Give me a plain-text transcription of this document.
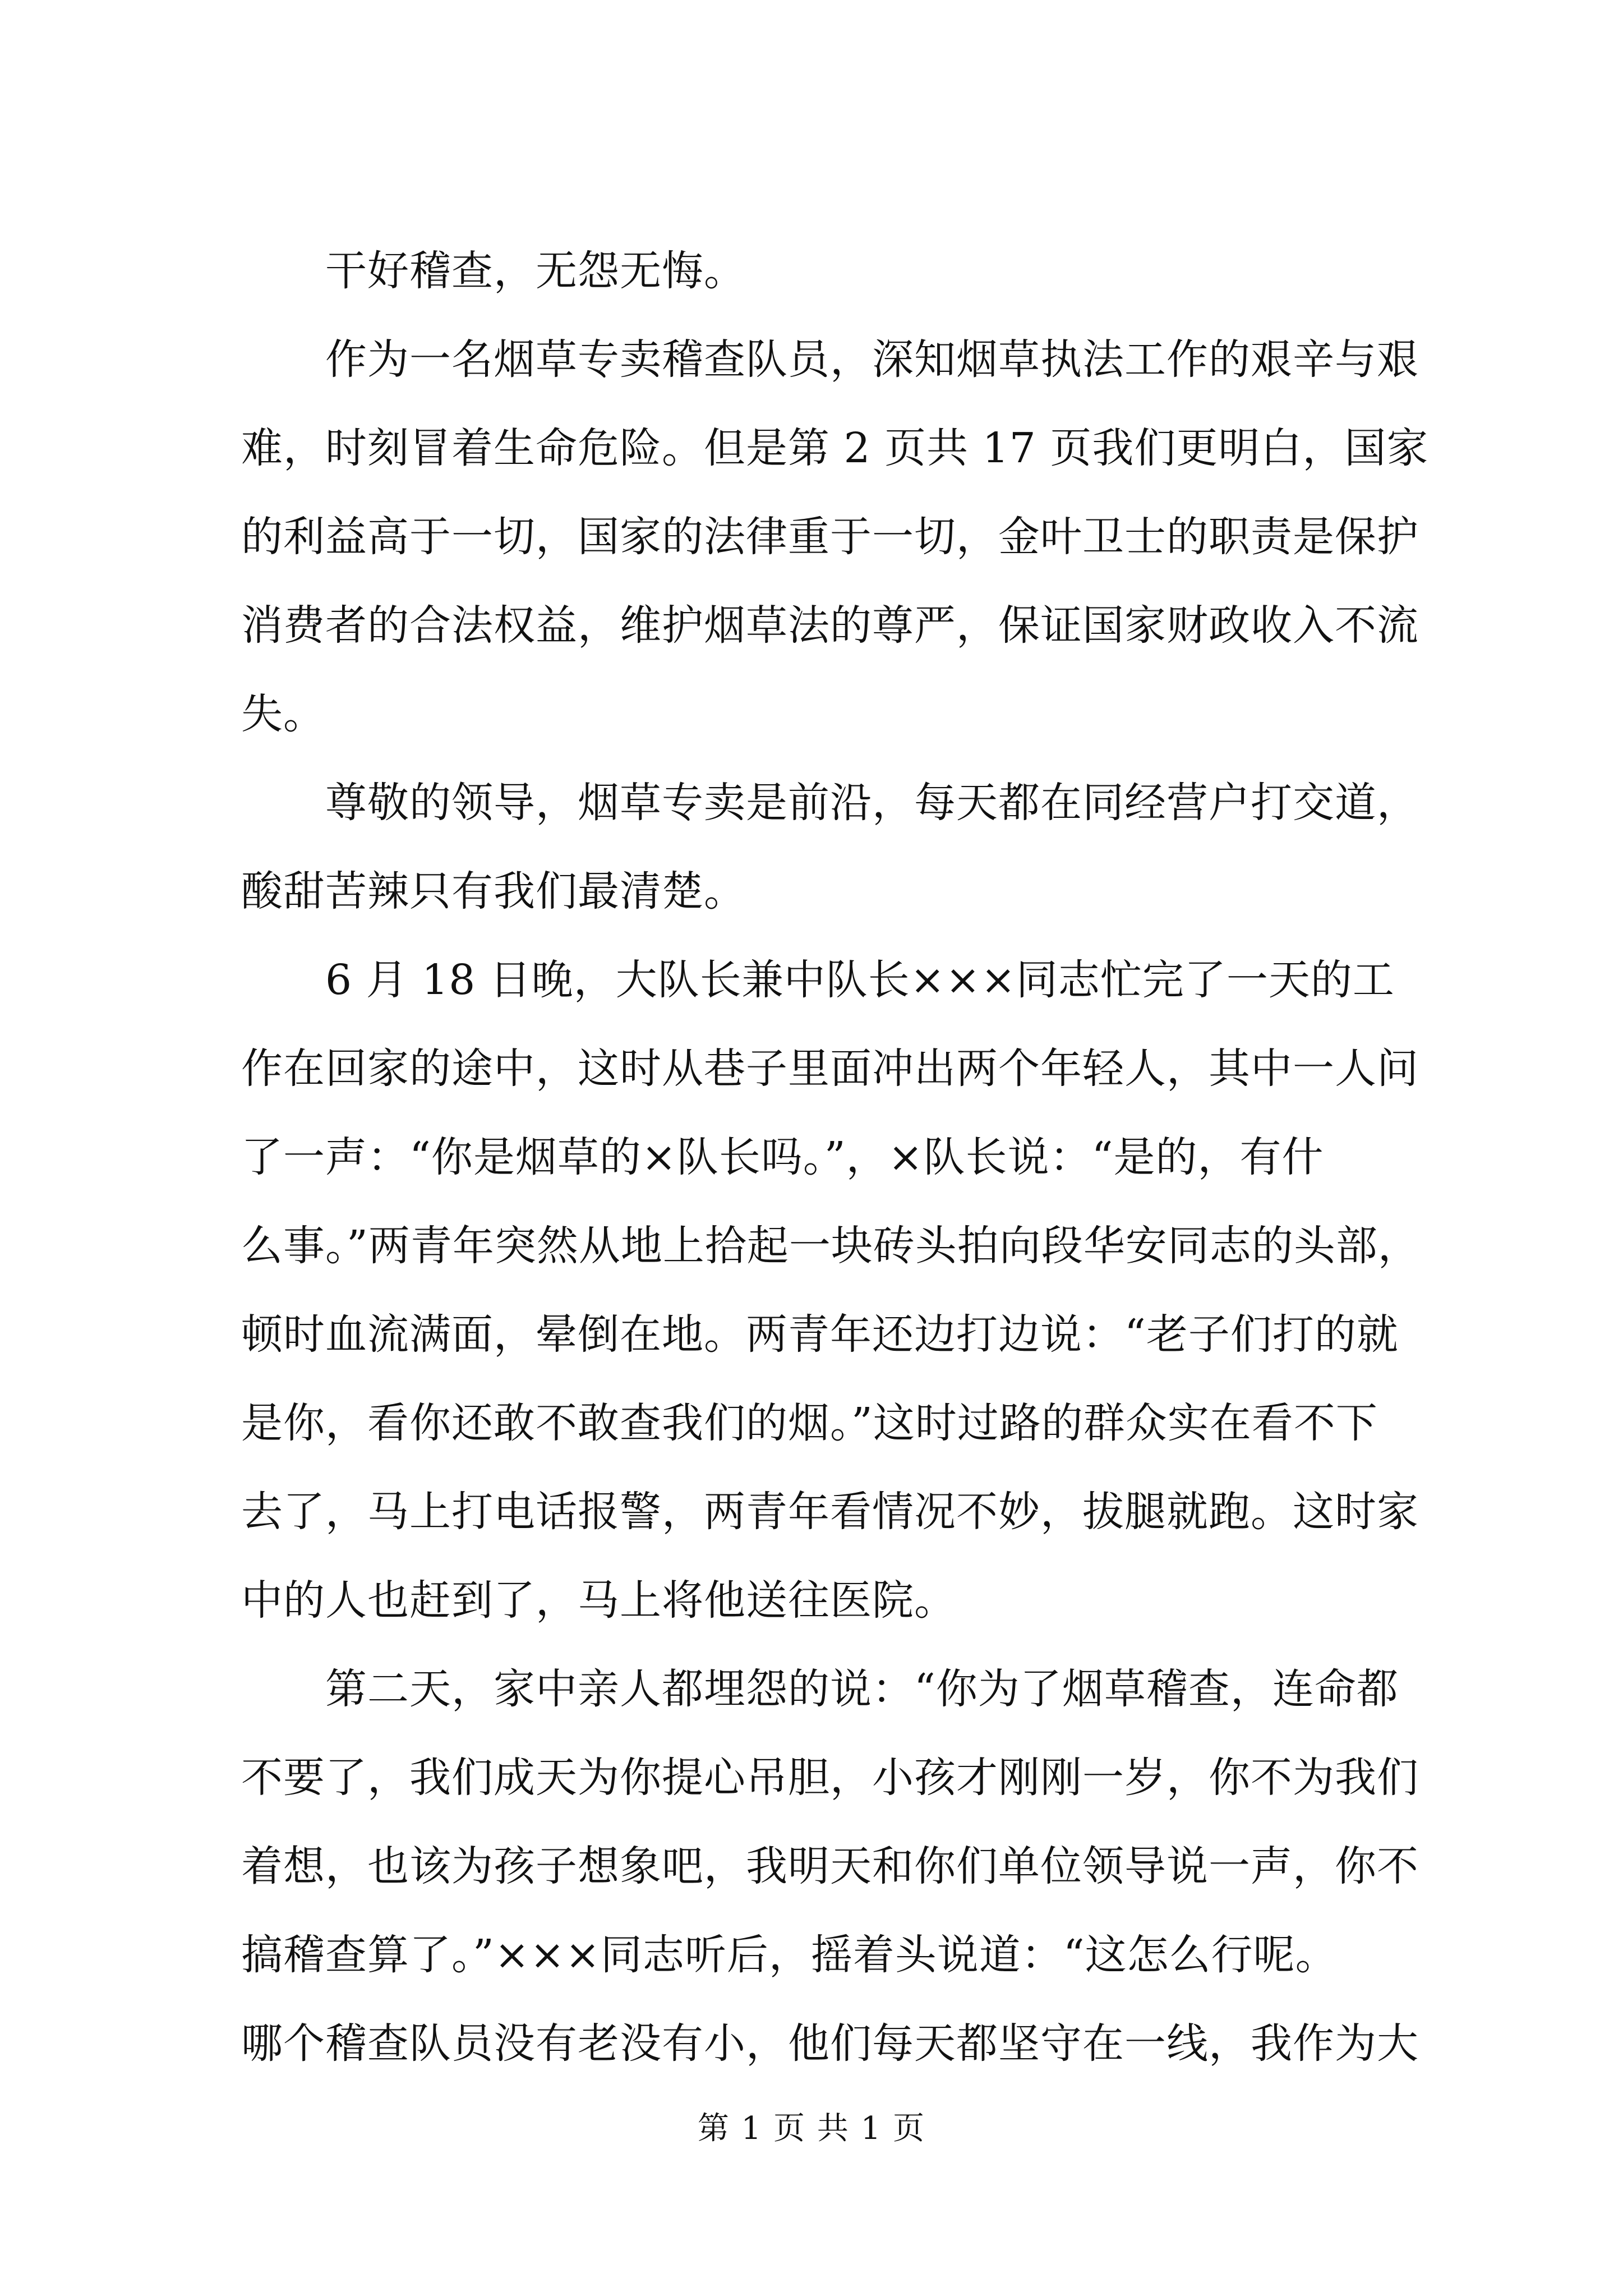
干好稽查，无怨无悔。
作为一名烟草专卖稽查队员，深知烟草执法工作的艰辛与艰
难，时刻冒着生命危险。但是第 2 页共 17 页我们更明白，国家
的利益高于一切，国家的法律重于一切，金叶卫士的职责是保护
消费者的合法权益，维护烟草法的尊严，保证国家财政收入不流
失。
尊敬的领导，烟草专卖是前沿，每天都在同经营户打交道，
酸甜苦辣只有我们最清楚。
6 月 18 日晚，大队长兼中队长×××同志忙完了一天的工
作在回家的途中，这时从巷子里面冲出两个年轻人，其中一人问
了一声：“你是烟草的×队长吗。”，×队长说：“是的，有什
么事。”两青年突然从地上拾起一块砖头拍向段华安同志的头部，
顿时血流满面，晕倒在地。两青年还边打边说：“老子们打的就
是你，看你还敢不敢查我们的烟。”这时过路的群众实在看不下
去了，马上打电话报警，两青年看情况不妙，拔腿就跑。这时家
中的人也赶到了，马上将他送往医院。
第二天，家中亲人都埋怨的说：“你为了烟草稽查，连命都
不要了，我们成天为你提心吊胆，小孩才刚刚一岁，你不为我们
着想，也该为孩子想象吧，我明天和你们单位领导说一声，你不
搞稽查算了。”×××同志听后，摇着头说道：“这怎么行呢。
哪个稽查队员没有老没有小，他们每天都坚守在一线，我作为大
第 1 页 共 1 页
